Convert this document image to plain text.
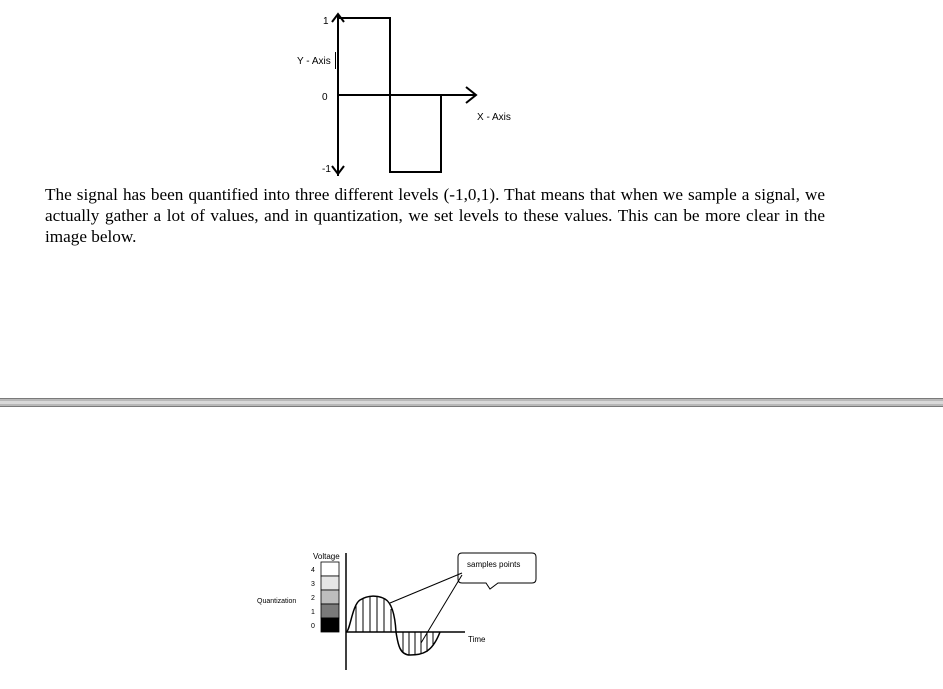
1
Y - Axis
0
-1
X - Axis

The signal has been quantified into three different levels (-1,0,1). That means that when we sample a signal, we actually gather a lot of values, and in quantization, we set levels to these values. This can be more clear in the image below.

Voltage
4
3
2
1
0
Quantization
Time
samples points
